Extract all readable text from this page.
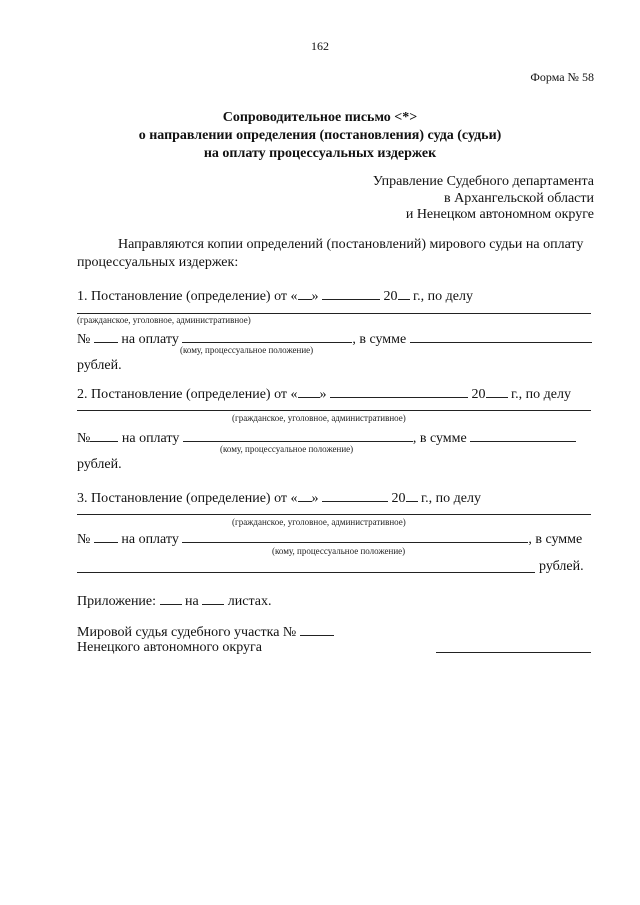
162
Форма № 58
Сопроводительное письмо <*>
о направлении определения (постановления) суда (судьи)
на оплату процессуальных издержек
Управление Судебного департамента
в Архангельской области
и Ненецком автономном округе
Направляются копии определений (постановлений) мирового судьи на оплату
процессуальных издержек:
1. Постановление (определение) от « »	20 г., по делу
(гражданское, уголовное, административное)
№  на оплату	, в сумме
(кому, процессуальное положение)
рублей.
2. Постановление (определение) от « »	20 г., по делу
(гражданское, уголовное, административное)
№ на оплату	, в сумме
(кому, процессуальное положение)
рублей.
3. Постановление (определение) от « »	20 г., по делу
(гражданское, уголовное, административное)
№  на оплату	, в сумме
(кому, процессуальное положение)
рублей.
Приложение:  на  листах.
Мировой судья судебного участка №
Ненецкого автономного округа
